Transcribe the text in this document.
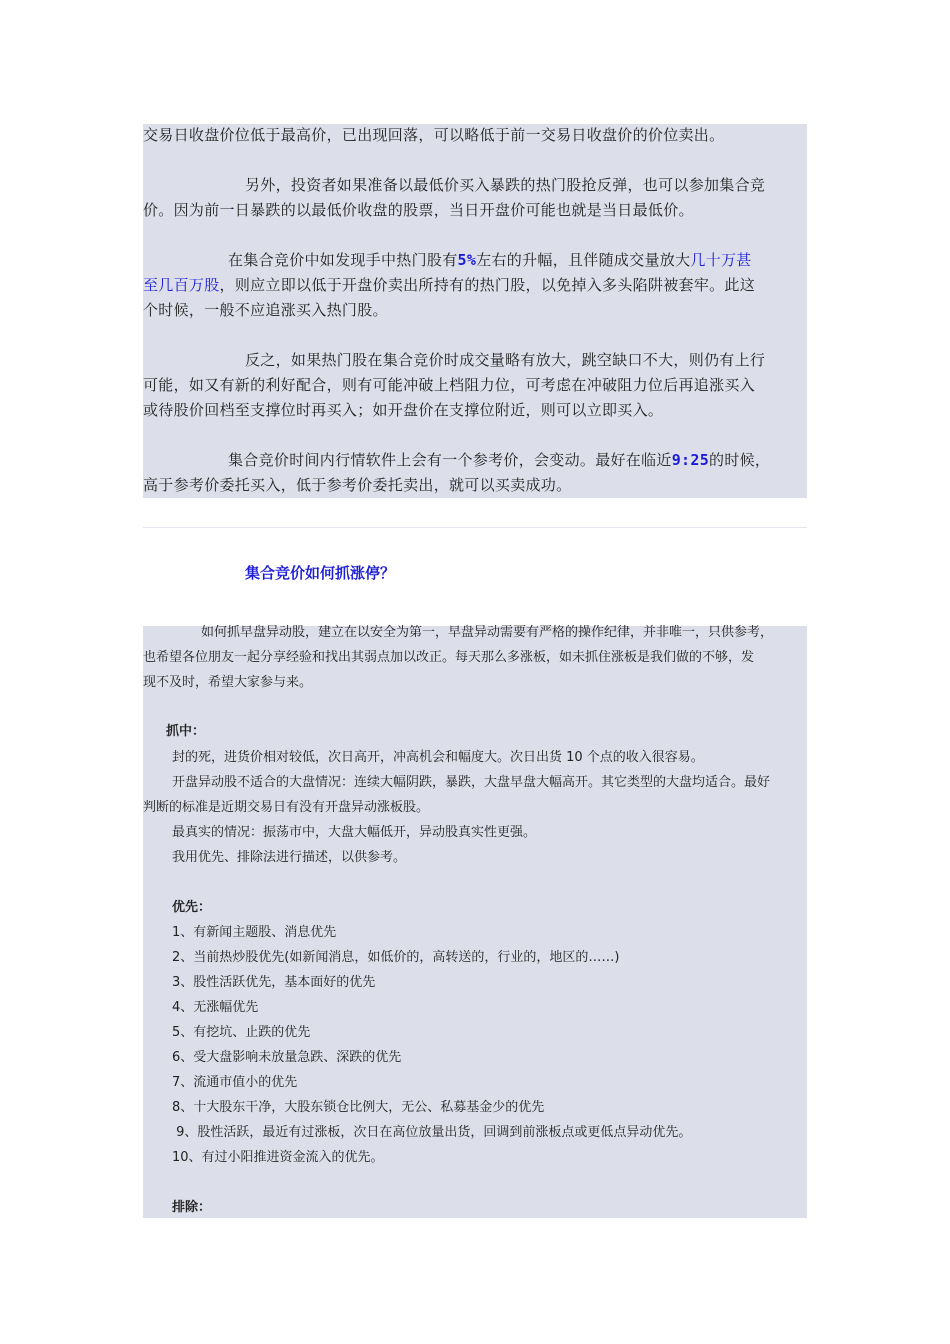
交易日收盘价位低于最高价，已出现回落，可以略低于前一交易日收盘价的价位卖出。
另外，投资者如果准备以最低价买入暴跌的热门股抢反弹，也可以参加集合竞
价。因为前一日暴跌的以最低价收盘的股票，当日开盘价可能也就是当日最低价。
在集合竞价中如发现手中热门股有5%左右的升幅，且伴随成交量放大几十万甚
至几百万股，则应立即以低于开盘价卖出所持有的热门股，以免掉入多头陷阱被套牢。此这
个时候，一般不应追涨买入热门股。
反之，如果热门股在集合竞价时成交量略有放大，跳空缺口不大，则仍有上行
可能，如又有新的利好配合，则有可能冲破上档阻力位，可考虑在冲破阻力位后再追涨买入
或待股价回档至支撑位时再买入；如开盘价在支撑位附近，则可以立即买入。
集合竞价时间内行情软件上会有一个参考价，会变动。最好在临近9:25的时候，
高于参考价委托买入，低于参考价委托卖出，就可以买卖成功。
集合竞价如何抓涨停？
如何抓早盘异动股，建立在以安全为第一，早盘异动需要有严格的操作纪律，并非唯一，只供参考，
也希望各位朋友一起分享经验和找出其弱点加以改正。每天那么多涨板，如未抓住涨板是我们做的不够，发
现不及时，希望大家参与来。
抓中：
封的死，进货价相对较低，次日高开，冲高机会和幅度大。次日出货 10 个点的收入很容易。
开盘异动股不适合的大盘情况：连续大幅阴跌，暴跌，大盘早盘大幅高开。其它类型的大盘均适合。最好
判断的标准是近期交易日有没有开盘异动涨板股。
最真实的情况：振荡市中，大盘大幅低开，异动股真实性更强。
我用优先、排除法进行描述，以供参考。
优先：
1、有新闻主题股、消息优先
2、当前热炒股优先(如新闻消息，如低价的，高转送的，行业的，地区的……)
3、股性活跃优先，基本面好的优先
4、无涨幅优先
5、有挖坑、止跌的优先
6、受大盘影响未放量急跌、深跌的优先
7、流通市值小的优先
8、十大股东干净，大股东锁仓比例大，无公、私募基金少的优先
9、股性活跃，最近有过涨板，次日在高位放量出货，回调到前涨板点或更低点异动优先。
10、有过小阳推进资金流入的优先。
排除：
